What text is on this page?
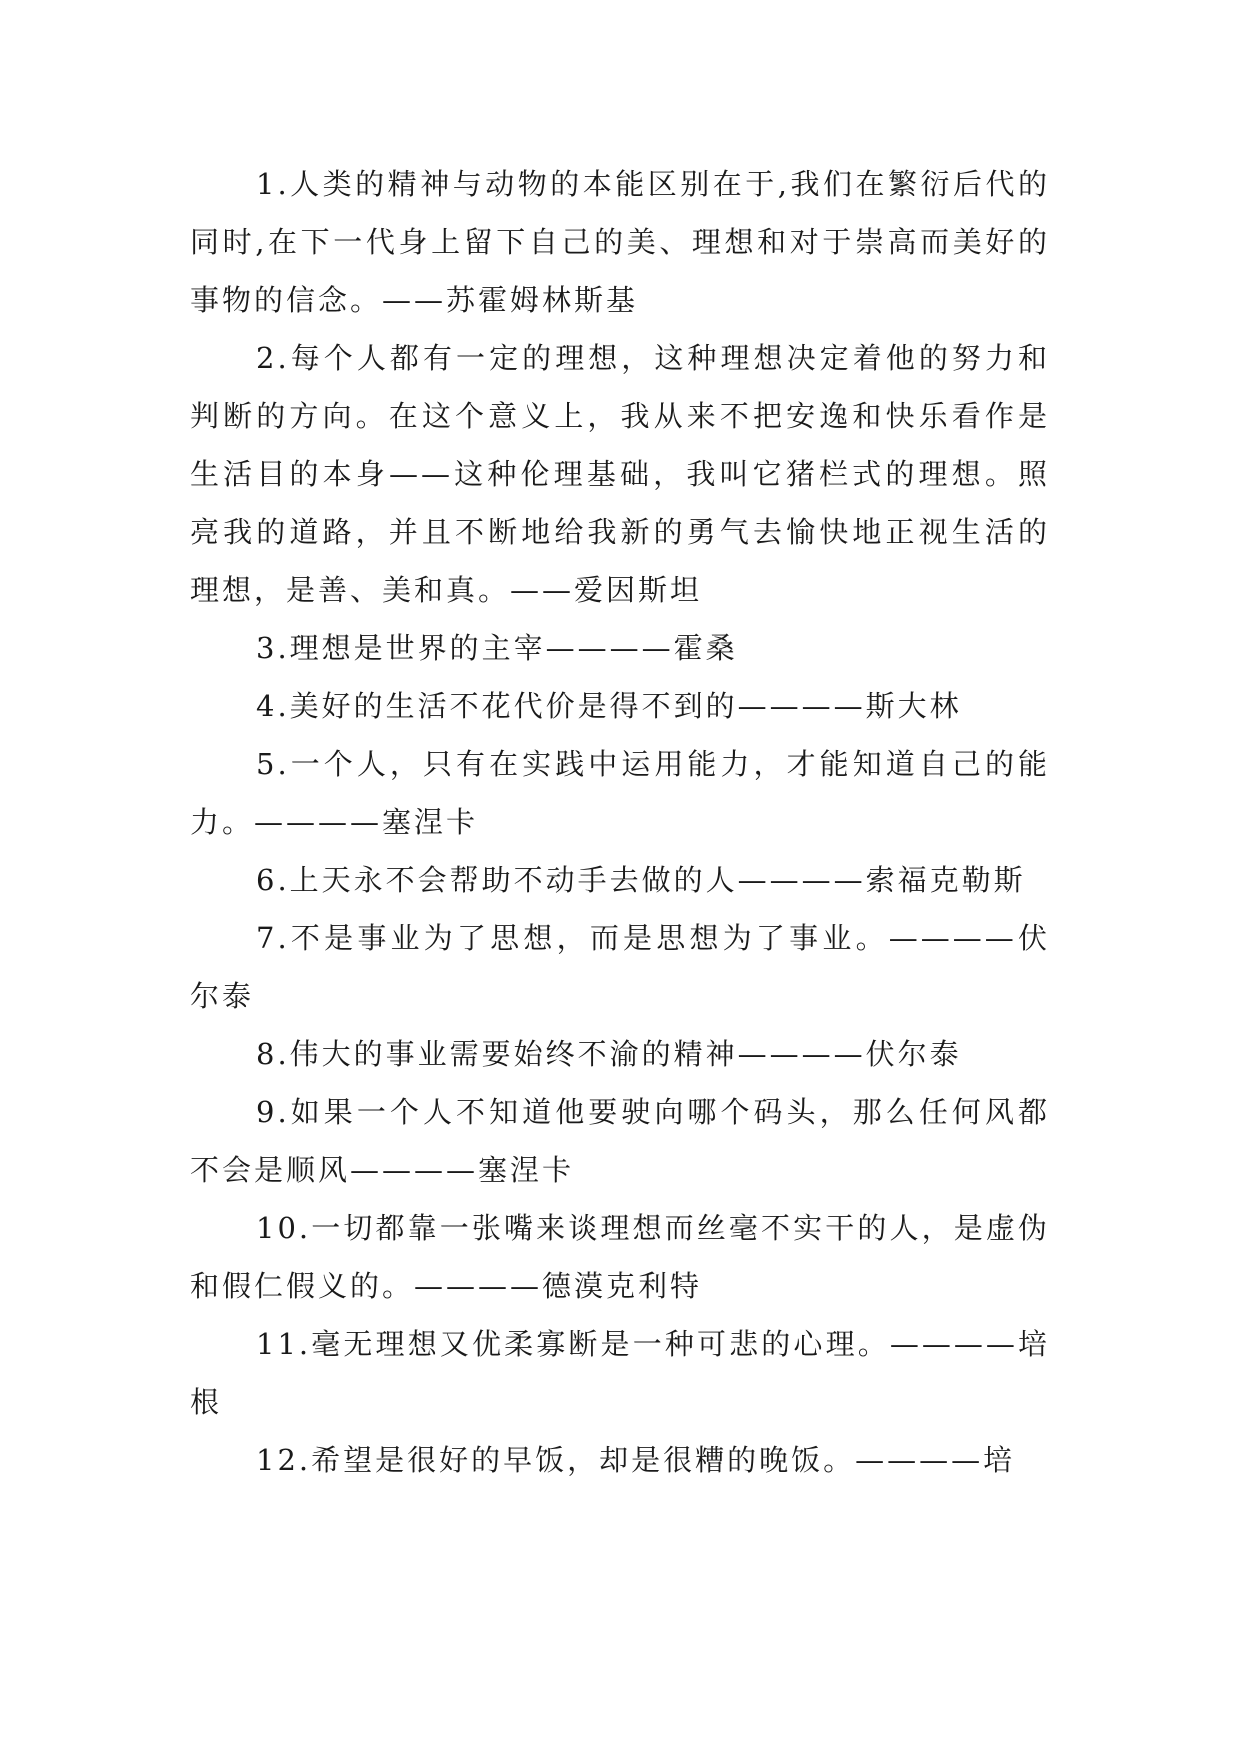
1.人类的精神与动物的本能区别在于,我们在繁衍后代的同时,在下一代身上留下自己的美、理想和对于崇高而美好的事物的信念。——苏霍姆林斯基

2.每个人都有一定的理想，这种理想决定着他的努力和判断的方向。在这个意义上，我从来不把安逸和快乐看作是生活目的本身——这种伦理基础，我叫它猪栏式的理想。照亮我的道路，并且不断地给我新的勇气去愉快地正视生活的理想，是善、美和真。——爱因斯坦

3.理想是世界的主宰————霍桑

4.美好的生活不花代价是得不到的————斯大林

5.一个人，只有在实践中运用能力，才能知道自己的能力。————塞涅卡

6.上天永不会帮助不动手去做的人————索福克勒斯

7.不是事业为了思想，而是思想为了事业。————伏尔泰

8.伟大的事业需要始终不渝的精神————伏尔泰

9.如果一个人不知道他要驶向哪个码头，那么任何风都不会是顺风————塞涅卡

10.一切都靠一张嘴来谈理想而丝毫不实干的人，是虚伪和假仁假义的。————德漠克利特

11.毫无理想又优柔寡断是一种可悲的心理。————培根

12.希望是很好的早饭，却是很糟的晚饭。————培
